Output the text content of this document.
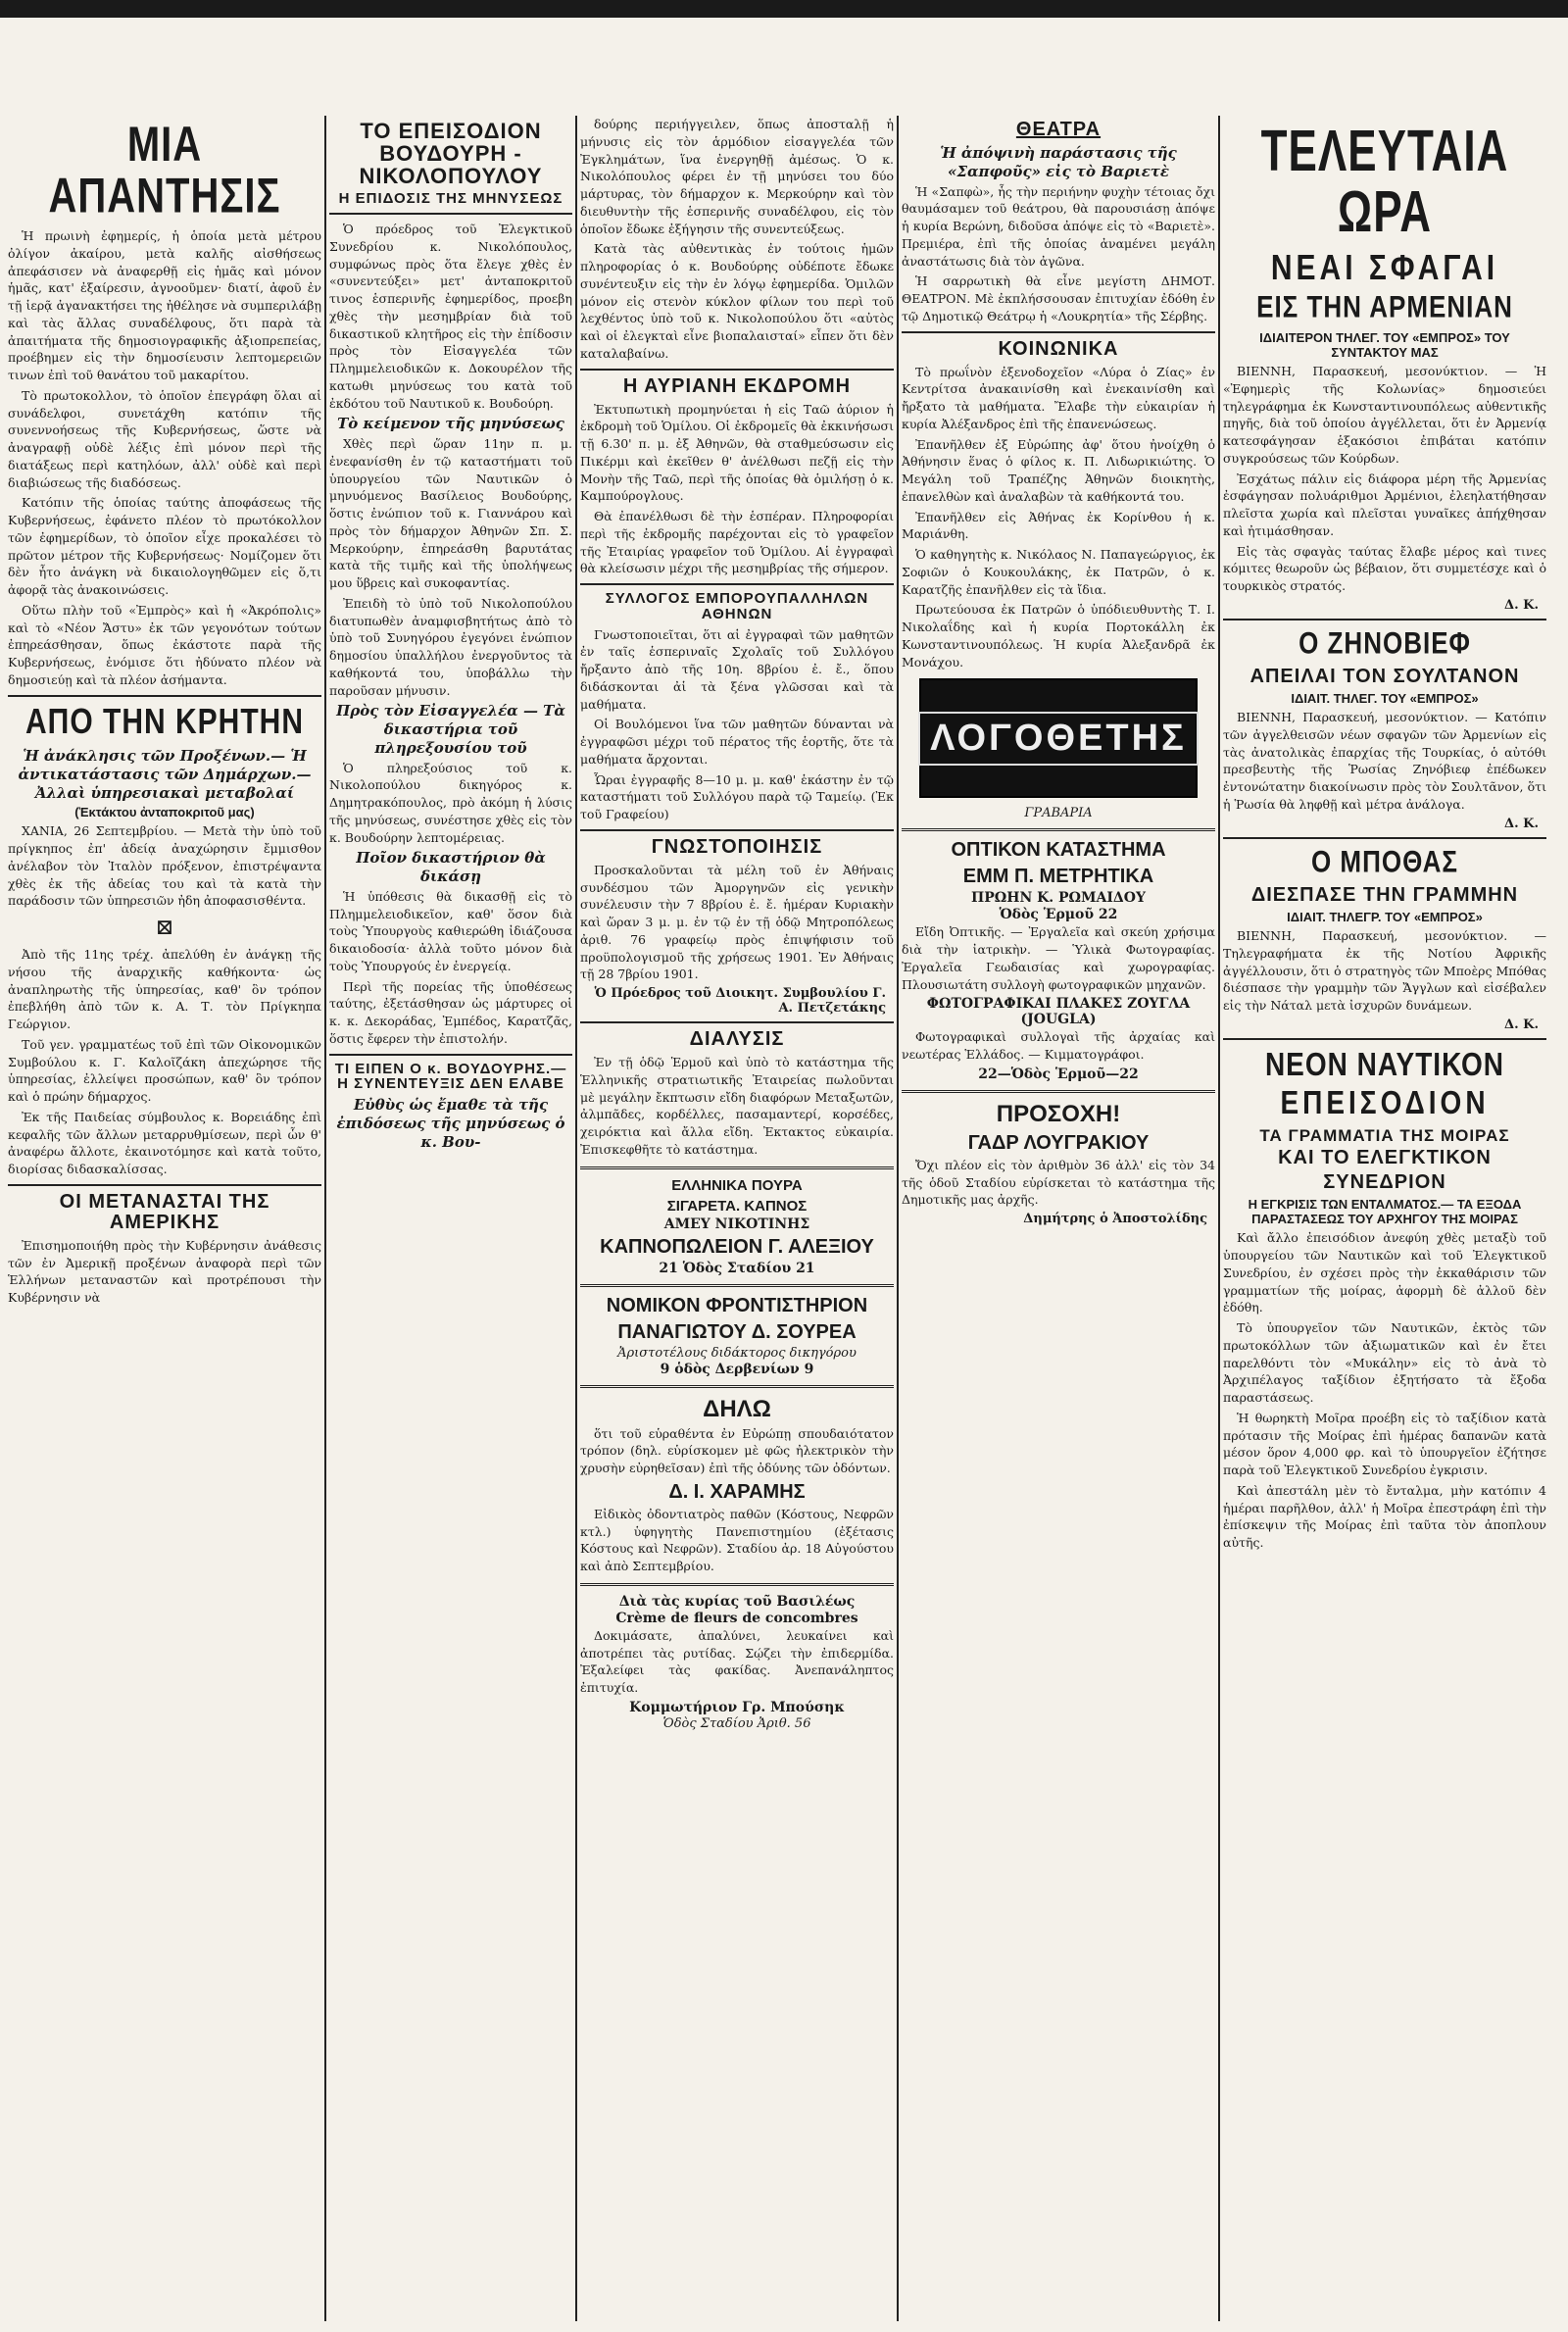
ΜΙΑ ΑΠΑΝΤΗΣΙΣ

Ἡ πρωινὴ ἐφημερίς, ἡ ὁποία μετὰ μέτρου ὀλίγον ἀκαίρου, μετὰ καλῆς αἰσθήσεως ἀπεφάσισεν νὰ ἀναφερθῇ εἰς ἡμᾶς καὶ μόνον ἡμᾶς, κατ' ἐξαίρεσιν, ἀγνοοῦμεν· διατί, ἀφοῦ ἐν τῇ ἱερᾷ ἀγανακτήσει της ἠθέλησε νὰ συμπεριλάβῃ καὶ τὰς ἄλλας συναδέλφους, ὅτι παρὰ τὰ ἀπαιτήματα τῆς δημοσιογραφικῆς ἀξιοπρεπείας, προέβημεν εἰς τὴν δημοσίευσιν λεπτομερειῶν τινων ἐπὶ τοῦ θανάτου τοῦ μακαρίτου.

Τὸ πρωτοκολλον, τὸ ὁποῖον ἐπεγράφη ὅλαι αἱ συνάδελφοι, συνετάχθη κατόπιν τῆς συνεννοήσεως τῆς Κυβερνήσεως, ὥστε νὰ ἀναγραφῇ οὐδὲ λέξις ἐπὶ μόνον περὶ τῆς διατάξεως περὶ κατηλόων, ἀλλ' οὐδὲ καὶ περὶ διαβιώσεως τῆς διαδόσεως.

Κατόπιν τῆς ὁποίας ταύτης ἀποφάσεως τῆς Κυβερνήσεως, ἐφάνετο πλέον τὸ πρωτόκολλον τῶν ἐφημερίδων, τὸ ὁποῖον εἶχε προκαλέσει τὸ πρῶτον μέτρον τῆς Κυβερνήσεως· Νομίζομεν ὅτι δὲν ἦτο ἀνάγκη νὰ δικαιολογηθῶμεν εἰς ὅ,τι ἀφορᾷ τὰς ἀνακοινώσεις.

Οὕτω πλὴν τοῦ «Ἐμπρὸς» καὶ ἡ «Ἀκρόπολις» καὶ τὸ «Νέον Ἄστυ» ἐκ τῶν γεγονότων τούτων ἐπηρεάσθησαν, ὅπως ἐκάστοτε παρὰ τῆς Κυβερνήσεως, ἐνόμισε ὅτι ἠδύνατο πλέον νὰ δημοσιεύῃ καὶ τὰ πλέον ἀσήμαντα.

ΑΠΟ ΤΗΝ ΚΡΗΤΗΝ
Ἡ ἀνάκλησις τῶν Προξένων.— Ἡ ἀντικατάστασις τῶν Δημάρχων.— Ἀλλαὶ ὑπηρεσιακαὶ μεταβολαί
(Ἐκτάκτου ἀνταποκριτοῦ μας)

ΧΑΝΙΑ, 26 Σεπτεμβρίου. — Μετὰ τὴν ὑπὸ τοῦ πρίγκηπος ἐπ' ἀδείᾳ ἀναχώρησιν ἔμμισθον ἀνέλαβον τὸν Ἰταλὸν πρόξενον, ἐπιστρέψαντα χθὲς ἐκ τῆς ἀδείας του καὶ τὰ κατὰ τὴν παράδοσιν τῶν ὑπηρεσιῶν ἠδη ἀποφασισθέντα.

⊠

Ἀπὸ τῆς 11ης τρέχ. ἀπελύθη ἐν ἀνάγκῃ τῆς νήσου τῆς ἀναρχικῆς καθήκοντα· ὡς ἀναπληρωτὴς τῆς ὑπηρεσίας, καθ' ὃν τρόπον ἐπεβλήθη ἀπὸ τῶν κ. Α. Τ. τὸν Πρίγκηπα Γεώργιον.

Τοῦ γεν. γραμματέως τοῦ ἐπὶ τῶν Οἰκονομικῶν Συμβούλου κ. Γ. Καλοῖζάκη ἀπεχώρησε τῆς ὑπηρεσίας, ἐλλείψει προσώπων, καθ' ὃν τρόπον καὶ ὁ πρώην δήμαρχος.

Ἐκ τῆς Παιδείας σύμβουλος κ. Βορειάδης ἐπὶ κεφαλῆς τῶν ἄλλων μεταρρυθμίσεων, περὶ ὧν θ' ἀναφέρω ἄλλοτε, ἐκαινοτόμησε καὶ κατὰ τοῦτο, διορίσας διδασκαλίσσας.

ΟΙ ΜΕΤΑΝΑΣΤΑΙ ΤΗΣ ΑΜΕΡΙΚΗΣ

Ἐπισημοποιήθη πρὸς τὴν Κυβέρνησιν ἀνάθεσις τῶν ἐν Ἀμερικῇ προξένων ἀναφορὰ περὶ τῶν Ἑλλήνων μεταναστῶν καὶ προτρέπουσι τὴν Κυβέρνησιν νὰ

ΤΟ ΕΠΕΙΣΟΔΙΟΝ ΒΟΥΔΟΥΡΗ - ΝΙΚΟΛΟΠΟΥΛΟΥ
Η ΕΠΙΔΟΣΙΣ ΤΗΣ ΜΗΝΥΣΕΩΣ

Ὁ πρόεδρος τοῦ Ἐλεγκτικοῦ Συνεδρίου κ. Νικολόπουλος, συμφώνως πρὸς ὅτα ἔλεγε χθὲς ἐν «συνεντεύξει» μετ' ἀνταποκριτοῦ τινος ἑσπερινῆς ἐφημερίδος, προεβη χθὲς τὴν μεσημβρίαν διὰ τοῦ δικαστικοῦ κλητῆρος εἰς τὴν ἐπίδοσιν πρὸς τὸν Εἰσαγγελέα τῶν Πλημμελειοδικῶν κ. Δοκουρέλον τῆς κατωθι μηνύσεως του κατὰ τοῦ ἐκδότου τοῦ Ναυτικοῦ κ. Βουδούρη.

Τὸ κείμενον τῆς μηνύσεως

Χθὲς περὶ ὥραν 11ην π. μ. ἐνεφανίσθη ἐν τῷ καταστήματι τοῦ ὑπουργείου τῶν Ναυτικῶν ὁ μηνυόμενος Βασίλειος Βουδούρης, ὅστις ἐνώπιον τοῦ κ. Γιαννάρου καὶ πρὸς τὸν δήμαρχον Ἀθηνῶν Σπ. Σ. Μερκούρην, ἐπηρεάσθη βαρυτάτας κατὰ τῆς τιμῆς καὶ τῆς ὑπολήψεως μου ὕβρεις καὶ συκοφαντίας.

Ἐπειδὴ τὸ ὑπὸ τοῦ Νικολοπούλου διατυπωθὲν ἀναμφισβητήτως ἀπὸ τὸ ὑπὸ τοῦ Συνηγόρου ἐγεγόνει ἐνώπιον δημοσίου ὑπαλλήλου ἐνεργοῦντος τὰ καθήκοντά του, ὑποβάλλω τὴν παροῦσαν μήνυσιν.

Πρὸς τὸν Εἰσαγγελέα — Τὰ δικαστήρια τοῦ πληρεξουσίου τοῦ

Ὁ πληρεξούσιος τοῦ κ. Νικολοπούλου δικηγόρος κ. Δημητρακόπουλος, πρὸ ἀκόμη ἡ λύσις τῆς μηνύσεως, συνέστησε χθὲς εἰς τὸν κ. Βουδούρην λεπτομέρειας.

Ποῖον δικαστήριον θὰ δικάσῃ

Ἡ ὑπόθεσις θὰ δικασθῇ εἰς τὸ Πλημμελειοδικεῖον, καθ' ὅσον διὰ τοὺς Ὑπουργοὺς καθιερώθη ἰδιάζουσα δικαιοδοσία· ἀλλὰ τοῦτο μόνον διὰ τοὺς Ὑπουργούς ἐν ἐνεργείᾳ.

Περὶ τῆς πορείας τῆς ὑποθέσεως ταύτης, ἐξετάσθησαν ὡς μάρτυρες οἱ κ. κ. Δεκοράδας, Ἐμπέδος, Καρατζᾶς, ὅστις ἔφερεν τὴν ἐπιστολήν.

ΤΙ ΕΙΠΕΝ Ο κ. ΒΟΥΔΟΥΡΗΣ.— Η ΣΥΝΕΝΤΕΥΞΙΣ ΔΕΝ ΕΛΑΒΕ
Εὐθὺς ὡς ἔμαθε τὰ τῆς ἐπιδόσεως τῆς μηνύσεως ὁ κ. Βου-

δούρης περιήγγειλεν, ὅπως ἀποσταλῇ ἡ μήνυσις εἰς τὸν ἁρμόδιον εἰσαγγελέα τῶν Ἐγκλημάτων, ἵνα ἐνεργηθῇ ἀμέσως. Ὁ κ. Νικολόπουλος φέρει ἐν τῇ μηνύσει του δύο μάρτυρας, τὸν δήμαρχον κ. Μερκούρην καὶ τὸν διευθυντὴν τῆς ἑσπερινῆς συναδέλφου, εἰς τὸν ὁποῖον ἔδωκε ἐξήγησιν τῆς συνεντεύξεως.

Κατὰ τὰς αὐθεντικὰς ἐν τούτοις ἡμῶν πληροφορίας ὁ κ. Βουδούρης οὐδέποτε ἔδωκε συνέντευξιν εἰς τὴν ἐν λόγῳ ἐφημερίδα. Ὁμιλῶν μόνον εἰς στενὸν κύκλον φίλων του περὶ τοῦ λεχθέντος ὑπὸ τοῦ κ. Νικολοπούλου ὅτι «αὐτὸς καὶ οἱ ἐλεγκταὶ εἶνε βιοπαλαισταί» εἶπεν ὅτι δὲν καταλαβαίνω.

Η ΑΥΡΙΑΝΗ ΕΚΔΡΟΜΗ

Ἐκτυπωτικὴ προμηνύεται ἡ εἰς Ταῶ ἀύριον ἡ ἐκδρομὴ τοῦ Ὁμίλου. Οἱ ἐκδρομεῖς θὰ ἐκκινήσωσι τῇ 6.30' π. μ. ἐξ Ἀθηνῶν, θὰ σταθμεύσωσιν εἰς Πικέρμι καὶ ἐκεῖθεν θ' ἀνέλθωσι πεζῇ εἰς τὴν Μονὴν τῆς Ταῶ, περὶ τῆς ὁποίας θὰ ὁμιλήσῃ ὁ κ. Καμπούρογλους.

Θὰ ἐπανέλθωσι δὲ τὴν ἑσπέραν. Πληροφορίαι περὶ τῆς ἐκδρομῆς παρέχονται εἰς τὸ γραφεῖον τῆς Ἐταιρίας γραφεῖον τοῦ Ὁμίλου. Αἱ ἐγγραφαὶ θὰ κλείσωσιν μέχρι τῆς μεσημβρίας τῆς σήμερον.

ΣΥΛΛΟΓΟΣ ΕΜΠΟΡΟΥΠΑΛΛΗΛΩΝ ΑΘΗΝΩΝ

Γνωστοποιεῖται, ὅτι αἱ ἐγγραφαὶ τῶν μαθητῶν ἐν ταῖς ἑσπεριναῖς Σχολαῖς τοῦ Συλλόγου ἤρξαντο ἀπὸ τῆς 10η. 8βρίου ἐ. ἔ., ὅπου διδάσκονται ἀἱ τὰ ξένα γλῶσσαι καὶ τὰ μαθήματα.

Οἱ Βουλόμενοι ἵνα τῶν μαθητῶν δύνανται νὰ ἐγγραφῶσι μέχρι τοῦ πέρατος τῆς ἑορτῆς, ὅτε τὰ μαθήματα ἄρχονται.

Ὧραι ἐγγραφῆς 8—10 μ. μ. καθ' ἑκάστην ἐν τῷ καταστήματι τοῦ Συλλόγου παρὰ τῷ Ταμείῳ. (Ἐκ τοῦ Γραφείου)

ΓΝΩΣΤΟΠΟΙΗΣΙΣ

Προσκαλοῦνται τὰ μέλη τοῦ ἐν Ἀθήναις συνδέσμου τῶν Ἀμοργηνῶν εἰς γενικὴν συνέλευσιν τὴν 7 8βρίου ἐ. ἔ. ἡμέραν Κυριακὴν καὶ ὥραν 3 μ. μ. ἐν τῷ ἐν τῇ ὁδῷ Μητροπόλεως ἀριθ. 76 γραφείῳ πρὸς ἐπιψήφισιν τοῦ προϋπολογισμοῦ τῆς χρήσεως 1901. Ἐν Ἀθήναις τῇ 28 7βρίου 1901.

Ὁ Πρόεδρος τοῦ Διοικητ. Συμβουλίου Γ. Α. Πετζετάκης
ΔΙΑΛΥΣΙΣ

Ἐν τῇ ὁδῷ Ἑρμοῦ καὶ ὑπὸ τὸ κατάστημα τῆς Ἑλληνικῆς στρατιωτικῆς Ἐταιρείας πωλοῦνται μὲ μεγάλην ἔκπτωσιν εἴδη διαφόρων Μεταξωτῶν, ἀλμπᾶδες, κορδέλλες, πασαμαντερί, κορσέδες, χειρόκτια καὶ ἄλλα εἴδη. Ἐκτακτος εὐκαιρία. Ἐπισκεφθῆτε τὸ κατάστημα.

ΕΛΛΗΝΙΚΑ ΠΟΥΡΑ
ΣΙΓΑΡΕΤΑ. ΚΑΠΝΟΣ
ΑΜΕΥ ΝΙΚΟΤΙΝΗΣ
ΚΑΠΝΟΠΩΛΕΙΟΝ Γ. ΑΛΕΞΙΟΥ
21 Ὁδὸς Σταδίου 21
ΝΟΜΙΚΟΝ ΦΡΟΝΤΙΣΤΗΡΙΟΝ
ΠΑΝΑΓΙΩΤΟΥ Δ. ΣΟΥΡΕΑ
Ἀριστοτέλους διδάκτορος δικηγόρου
9 ὁδὸς Δερβενίων 9
ΔΗΛΩ

ὅτι τοῦ εὑραθέντα ἐν Εὐρώπῃ σπουδαιότατον τρόπον (δηλ. εὑρίσκομεν μὲ φῶς ἠλεκτρικὸν τὴν χρυσὴν εὐρηθεῖσαν) ἐπὶ τῆς ὀδύνης τῶν ὀδόντων.

Δ. Ι. ΧΑΡΑΜΗΣ

Εἰδικὸς ὀδοντιατρὸς παθῶν (Κόστους, Νεφρῶν κτλ.) ὑφηγητὴς Πανεπιστημίου (ἐξέτασις Κόστους καὶ Νεφρῶν). Σταδίου ἀρ. 18 Αὐγούστου καὶ ἀπὸ Σεπτεμβρίου.

Διὰ τὰς κυρίας τοῦ Βασιλέως
Crème de fleurs de concombres

Δοκιμάσατε, ἀπαλύνει, λευκαίνει καὶ ἀποτρέπει τὰς ρυτίδας. Σῴζει τὴν ἐπιδερμίδα. Ἐξαλείφει τὰς φακίδας. Ἀνεπανάληπτος ἐπιτυχία.

Κομμωτήριον Γρ. Μπούσηκ
Ὁδὸς Σταδίου Ἀριθ. 56
ΘΕΑΤΡΑ
Ἡ ἀπόψινὴ παράστασις τῆς «Σαπφοῦς» εἰς τὸ Βαριετὲ

Ἡ «Σαπφὼ», ἧς τὴν περιήνην φυχὴν τέτοιας ὄχι θαυμάσαμεν τοῦ θεάτρου, θὰ παρουσιάσῃ ἀπόψε ἡ κυρία Βερώνη, διδοῦσα ἀπόψε εἰς τὸ «Βαριετὲ». Πρεμιέρα, ἐπὶ τῆς ὁποίας ἀναμένει μεγάλη ἀναστάτωσις διὰ τὸν ἀγῶνα.

Ἡ σαρρωτικὴ θὰ εἶνε μεγίστη ΔΗΜΟΤ. ΘΕΑΤΡΟΝ. Μὲ ἐκπλήσσουσαν ἐπιτυχίαν ἐδόθη ἐν τῷ Δημοτικῷ Θεάτρῳ ἡ «Λουκρητία» τῆς Σέρβης.

ΚΟΙΝΩΝΙΚΑ

Τὸ πρωΐνὸν ἐξενοδοχεῖον «Λύρα ὁ Ζίας» ἐν Κεντρίτσα ἀνακαινίσθη καὶ ἐνεκαινίσθη καὶ ἤρξατο τὰ μαθήματα. Ἔλαβε τὴν εὐκαιρίαν ἡ κυρία Ἀλέξανδρος ἐπὶ τῆς ἐπανενώσεως.

Ἐπανῆλθεν ἐξ Εὐρώπης ἀφ' ὅτου ἠνοίχθη ὁ Ἀθήνησιν ἕνας ὁ φίλος κ. Π. Λιδωρικιώτης. Ὁ Μεγάλη τοῦ Τραπέζης Ἀθηνῶν διοικητὴς, ἐπανελθὼν καὶ ἀναλαβὼν τὰ καθήκοντά του.

Ἐπανῆλθεν εἰς Ἀθήνας ἐκ Κορίνθου ἡ κ. Μαριάνθη.

Ὁ καθηγητὴς κ. Νικόλαος Ν. Παπαγεώργιος, ἐκ Σοφιῶν ὁ Κουκουλάκης, ἐκ Πατρῶν, ὁ κ. Καρατζῆς ἐπανῆλθεν εἰς τὰ ἴδια.

Πρωτεύουσα ἐκ Πατρῶν ὁ ὑπόδιευθυντὴς Τ. Ι. Νικολαΐδης καὶ ἡ κυρία Πορτοκάλλη ἐκ Κωνσταντινουπόλεως. Ἡ κυρία Ἀλεξανδρᾶ ἐκ Μονάχου.

ΛΟΓΟΘΕΤΗΣ
ΓΡΑΒΑΡΙΑ
ΟΠΤΙΚΟΝ ΚΑΤΑΣΤΗΜΑ
ΕΜΜ Π. ΜΕΤΡΗΤΙΚΑ
ΠΡΩΗΝ Κ. ΡΩΜΑΙΔΟΥ
Ὁδὸς Ἑρμοῦ 22

Εἴδη Ὀπτικῆς. — Ἐργαλεῖα καὶ σκεύη χρήσιμα διὰ τὴν ἰατρικὴν. — Ὑλικὰ Φωτογραφίας. Ἐργαλεῖα Γεωδαισίας καὶ χωρογραφίας. Πλουσιωτάτη συλλογὴ φωτογραφικῶν μηχανῶν.

ΦΩΤΟΓΡΑΦΙΚΑΙ ΠΛΑΚΕΣ ΖΟΥΓΛΑ (JOUGLA)

Φωτογραφικαὶ συλλογαὶ τῆς ἀρχαίας καὶ νεωτέρας Ἑλλάδος. — Κιμματογράφοι.

22—Ὁδὸς Ἑρμοῦ—22
ΠΡΟΣΟΧΗ!
ΓΑΔΡ ΛΟΥΓΡΑΚΙΟΥ

Ὄχι πλέον εἰς τὸν ἀριθμὸν 36 ἀλλ' εἰς τὸν 34 τῆς ὁδοῦ Σταδίου εὑρίσκεται τὸ κατάστημα τῆς Δημοτικῆς μας ἀρχῆς.

Δημήτρης ὁ Ἀποστολίδης
ΤΕΛΕΥΤΑΙΑ ΩΡΑ
ΝΕΑΙ ΣΦΑΓΑΙ
ΕΙΣ ΤΗΝ ΑΡΜΕΝΙΑΝ
ΙΔΙΑΙΤΕΡΟΝ ΤΗΛΕΓ. ΤΟΥ «ΕΜΠΡΟΣ» ΤΟΥ ΣΥΝΤΑΚΤΟΥ ΜΑΣ

ΒΙΕΝΝΗ, Παρασκευή, μεσονύκτιον. — Ἡ «Ἐφημερὶς τῆς Κολωνίας» δημοσιεύει τηλεγράφημα ἐκ Κωνσταντινουπόλεως αὐθεντικῆς πηγῆς, διὰ τοῦ ὁποίου ἀγγέλλεται, ὅτι ἐν Ἀρμενίᾳ κατεσφάγησαν ἑξακόσιοι ἐπιβάται κατόπιν συγκρούσεως τῶν Κούρδων.

Ἐσχάτως πάλιν εἰς διάφορα μέρη τῆς Ἀρμενίας ἐσφάγησαν πολυάριθμοι Ἀρμένιοι, ἐλεηλατήθησαν πλεῖστα χωρία καὶ πλεῖσται γυναῖκες ἀπήχθησαν καὶ ἠτιμάσθησαν.

Εἰς τὰς σφαγὰς ταύτας ἔλαβε μέρος καὶ τινες κόμιτες θεωροῦν ὡς βέβαιον, ὅτι συμμετέσχε καὶ ὁ τουρκικὸς στρατός.

Δ. Κ.
Ο ΖΗΝΟΒΙΕΦ
ΑΠΕΙΛΑΙ ΤΟΝ ΣΟΥΛΤΑΝΟΝ
ΙΔΙΑΙΤ. ΤΗΛΕΓ. ΤΟΥ «ΕΜΠΡΟΣ»

ΒΙΕΝΝΗ, Παρασκευή, μεσονύκτιον. — Κατόπιν τῶν ἀγγελθεισῶν νέων σφαγῶν τῶν Ἀρμενίων εἰς τὰς ἀνατολικὰς ἐπαρχίας τῆς Τουρκίας, ὁ αὐτόθι πρεσβευτὴς τῆς Ῥωσίας Ζηνόβιεφ ἐπέδωκεν ἐντονώτατην διακοίνωσιν πρὸς τὸν Σουλτᾶνον, ὅτι ἡ Ῥωσία θὰ ληφθῇ καὶ μέτρα ἀνάλογα.

Δ. Κ.
Ο ΜΠΟΘΑΣ
ΔΙΕΣΠΑΣΕ ΤΗΝ ΓΡΑΜΜΗΝ
ΙΔΙΑΙΤ. ΤΗΛΕΓΡ. ΤΟΥ «ΕΜΠΡΟΣ»

ΒΙΕΝΝΗ, Παρασκευή, μεσονύκτιον. — Τηλεγραφήματα ἐκ τῆς Νοτίου Ἀφρικῆς ἀγγέλλουσιν, ὅτι ὁ στρατηγὸς τῶν Μποὲρς Μπόθας διέσπασε τὴν γραμμὴν τῶν Ἄγγλων καὶ εἰσέβαλεν εἰς τὴν Νάταλ μετὰ ἰσχυρῶν δυνάμεων.

Δ. Κ.
ΝΕΟΝ ΝΑΥΤΙΚΟΝ
ΕΠΕΙΣΟΔΙΟΝ
ΤΑ ΓΡΑΜΜΑΤΙΑ ΤΗΣ ΜΟΙΡΑΣ
ΚΑΙ ΤΟ ΕΛΕΓΚΤΙΚΟΝ
ΣΥΝΕΔΡΙΟΝ
Η ΕΓΚΡΙΣΙΣ ΤΩΝ ΕΝΤΑΛΜΑΤΟΣ.— ΤΑ ΕΞΟΔΑ ΠΑΡΑΣΤΑΣΕΩΣ ΤΟΥ ΑΡΧΗΓΟΥ ΤΗΣ ΜΟΙΡΑΣ

Καὶ ἄλλο ἐπεισόδιον ἀνεφύη χθὲς μεταξὺ τοῦ ὑπουργείου τῶν Ναυτικῶν καὶ τοῦ Ἐλεγκτικοῦ Συνεδρίου, ἐν σχέσει πρὸς τὴν ἐκκαθάρισιν τῶν γραμματίων τῆς μοίρας, ἀφορμὴ δὲ ἀλλοῦ δὲν ἐδόθη.

Τὸ ὑπουργεῖον τῶν Ναυτικῶν, ἐκτὸς τῶν πρωτοκόλλων τῶν ἀξιωματικῶν καὶ ἐν ἔτει παρελθόντι τὸν «Μυκάλην» εἰς τὸ ἀνὰ τὸ Ἀρχιπέλαγος ταξίδιον ἐξητήσατο τὰ ἔξοδα παραστάσεως.

Ἡ θωρηκτὴ Μοῖρα προέβη εἰς τὸ ταξίδιον κατὰ πρότασιν τῆς Μοίρας ἐπὶ ἡμέρας δαπανῶν κατὰ μέσον ὅρον 4,000 φρ. καὶ τὸ ὑπουργεῖον ἐζήτησε παρὰ τοῦ Ἐλεγκτικοῦ Συνεδρίου ἐγκρισιν.

Καὶ ἀπεστάλη μὲν τὸ ἔνταλμα, μὴν κατόπιν 4 ἡμέραι παρῆλθον, ἀλλ' ἡ Μοῖρα ἐπεστράφη ἐπὶ τὴν ἐπίσκεψιν τῆς Μοίρας ἐπὶ ταῦτα τὸν ἀποπλουν αὐτῆς.
